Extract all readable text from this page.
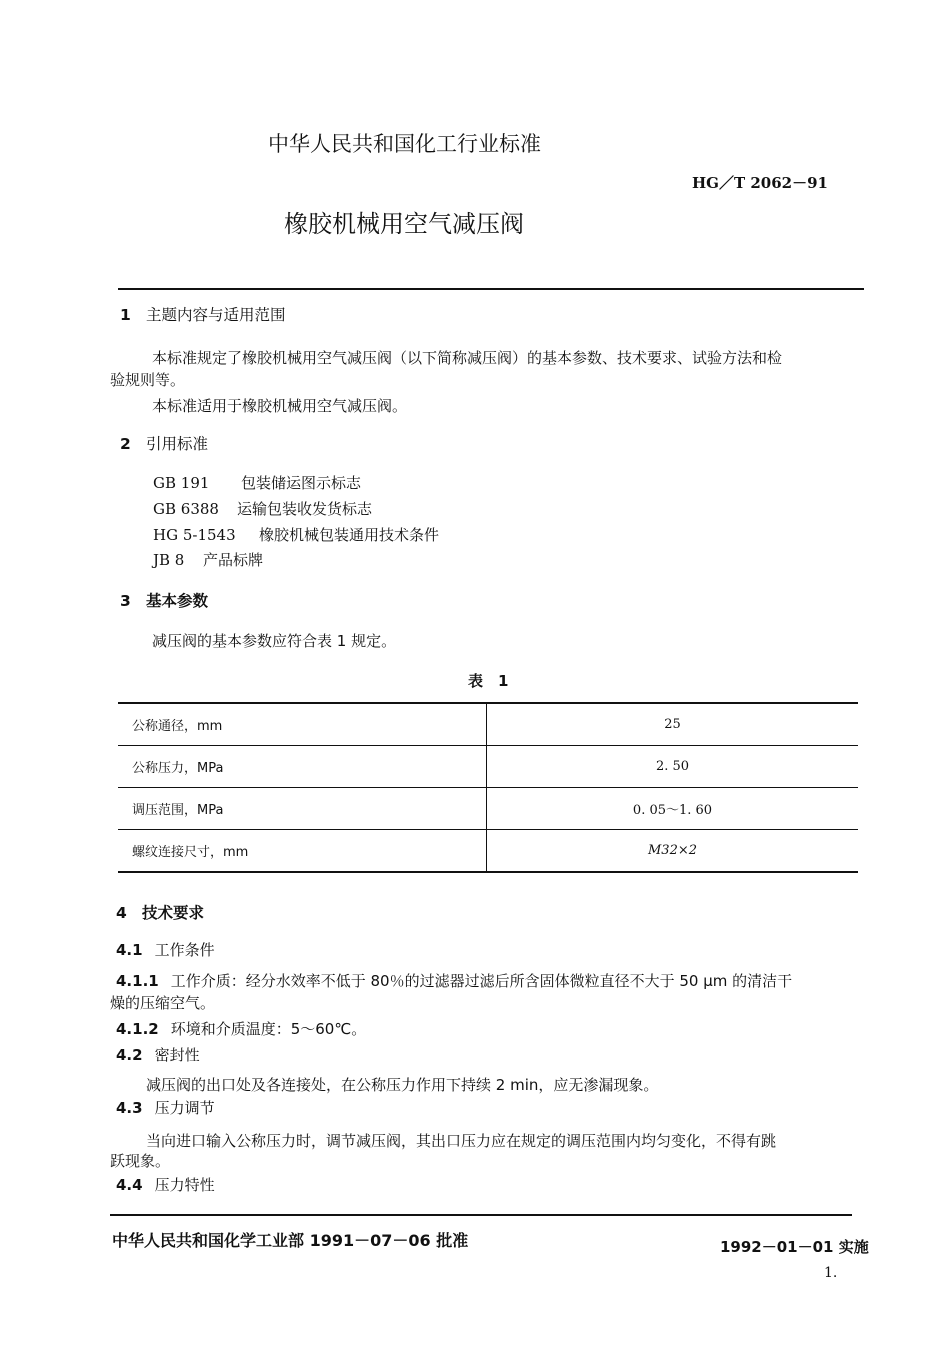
中华人民共和国化工行业标准
HG／T 2062－91
橡胶机械用空气减压阀
1 主题内容与适用范围
本标准规定了橡胶机械用空气减压阀（以下简称减压阀）的基本参数、技术要求、试验方法和检
验规则等。
本标准适用于橡胶机械用空气减压阀。
2 引用标准
GB 191 包装储运图示标志
GB 6388 运输包装收发货标志
HG 5-1543 橡胶机械包装通用技术条件
JB 8 产品标牌
3 基本参数
减压阀的基本参数应符合表 1 规定。
表　1
公称通径，mm	25
公称压力，MPa	2. 50
调压范围，MPa	0. 05～1. 60
螺纹连接尺寸，mm	M32×2
4 技术要求
4.1 工作条件
4.1.1 工作介质：经分水效率不低于 80％的过滤器过滤后所含固体微粒直径不大于 50 μm 的清洁干
燥的压缩空气。
4.1.2 环境和介质温度：5～60℃。
4.2 密封性
减压阀的出口处及各连接处，在公称压力作用下持续 2 min，应无渗漏现象。
4.3 压力调节
当向进口输入公称压力时，调节减压阀，其出口压力应在规定的调压范围内均匀变化，不得有跳
跃现象。
4.4 压力特性
中华人民共和国化学工业部 1991－07－06 批准	1992－01－01 实施
1.
